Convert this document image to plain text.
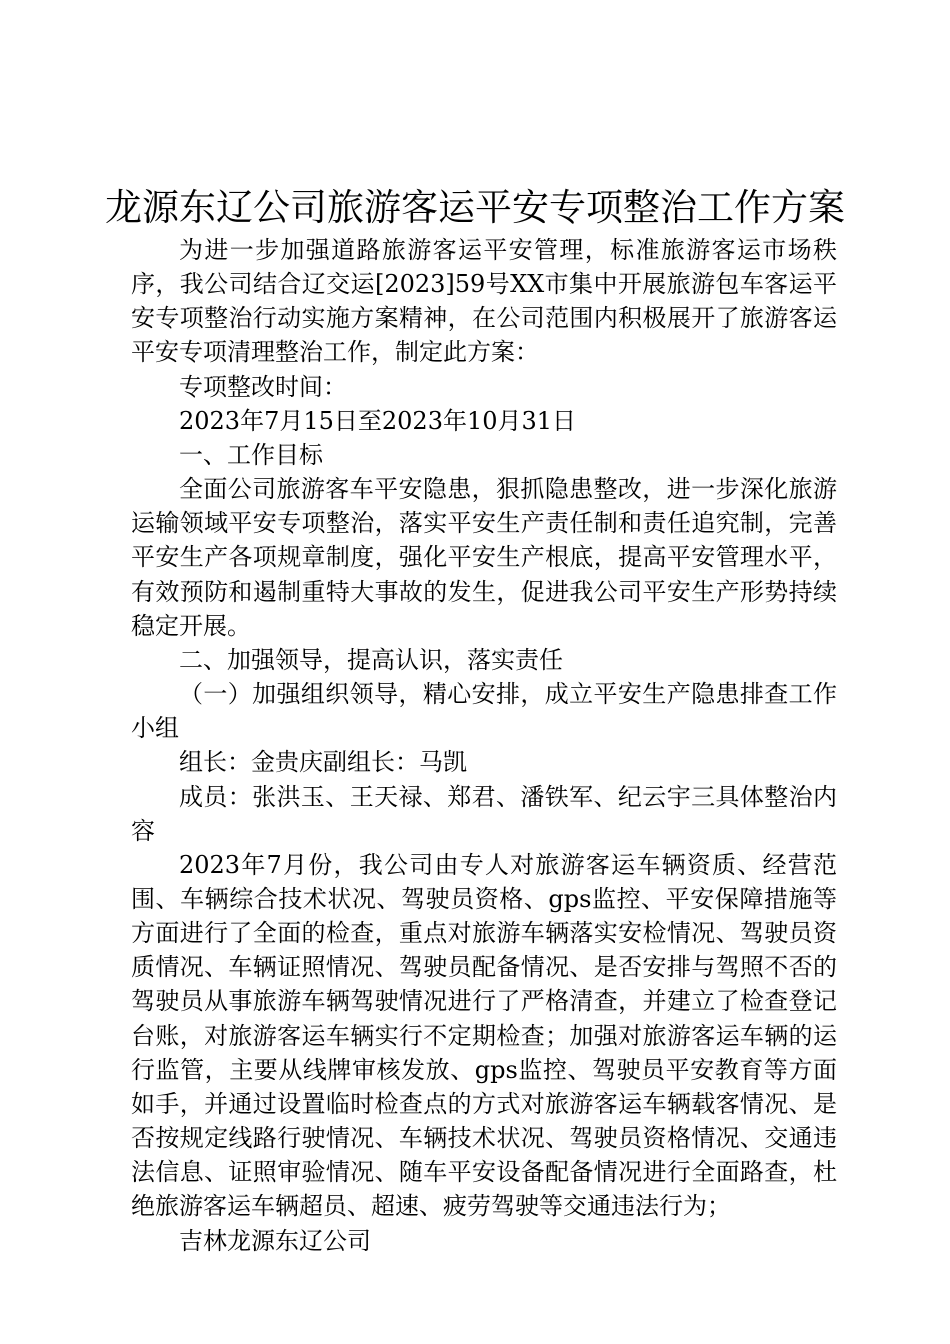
龙源东辽公司旅游客运平安专项整治工作方案

为进一步加强道路旅游客运平安管理，标准旅游客运市场秩序，我公司结合辽交运[2023]59号XX市集中开展旅游包车客运平安专项整治行动实施方案精神，在公司范围内积极展开了旅游客运平安专项清理整治工作，制定此方案：

专项整改时间：

2023年7月15日至2023年10月31日

一、工作目标

全面公司旅游客车平安隐患，狠抓隐患整改，进一步深化旅游运输领域平安专项整治，落实平安生产责任制和责任追究制，完善平安生产各项规章制度，强化平安生产根底，提高平安管理水平，有效预防和遏制重特大事故的发生，促进我公司平安生产形势持续稳定开展。

二、加强领导，提高认识，落实责任

（一）加强组织领导，精心安排，成立平安生产隐患排查工作小组

组长：金贵庆副组长：马凯

成员：张洪玉、王天禄、郑君、潘铁军、纪云宇三具体整治内容

2023年7月份，我公司由专人对旅游客运车辆资质、经营范围、车辆综合技术状况、驾驶员资格、gps监控、平安保障措施等方面进行了全面的检查，重点对旅游车辆落实安检情况、驾驶员资质情况、车辆证照情况、驾驶员配备情况、是否安排与驾照不否的驾驶员从事旅游车辆驾驶情况进行了严格清查，并建立了检查登记台账，对旅游客运车辆实行不定期检查；加强对旅游客运车辆的运行监管，主要从线牌审核发放、gps监控、驾驶员平安教育等方面如手，并通过设置临时检查点的方式对旅游客运车辆载客情况、是否按规定线路行驶情况、车辆技术状况、驾驶员资格情况、交通违法信息、证照审验情况、随车平安设备配备情况进行全面路查，杜绝旅游客运车辆超员、超速、疲劳驾驶等交通违法行为；

吉林龙源东辽公司
